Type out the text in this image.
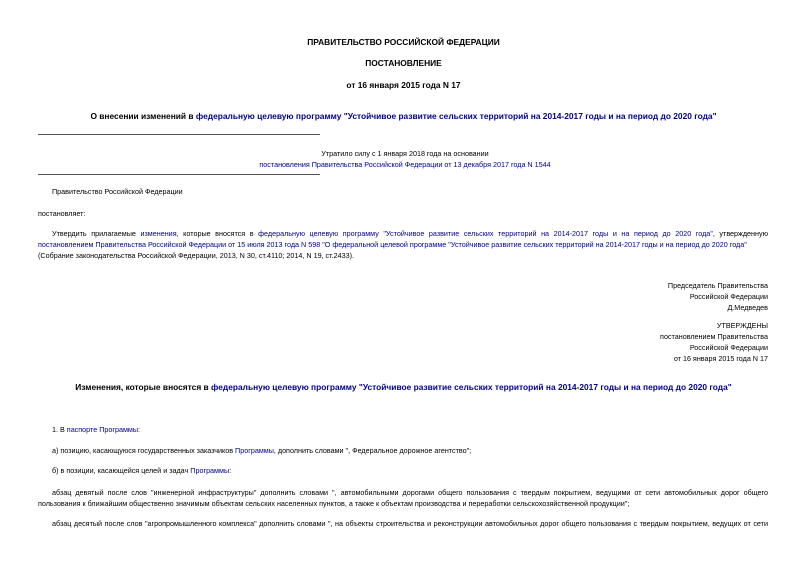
ПРАВИТЕЛЬСТВО РОССИЙСКОЙ ФЕДЕРАЦИИ
ПОСТАНОВЛЕНИЕ
от 16 января 2015 года N 17
О внесении изменений в федеральную целевую программу "Устойчивое развитие сельских территорий на 2014-2017 годы и на период до 2020 года"
Утратило силу с 1 января 2018 года на основании
постановления Правительства Российской Федерации от 13 декабря 2017 года N 1544
Правительство Российской Федерации
постановляет:
Утвердить прилагаемые изменения, которые вносятся в федеральную целевую программу "Устойчивое развитие сельских территорий на 2014-2017 годы и на период до 2020 года", утвержденную
постановлением Правительства Российской Федерации от 15 июля 2013 года N 598 "О федеральной целевой программе "Устойчивое развитие сельских территорий на 2014-2017 годы и на период до 2020 года"
(Собрание законодательства Российской Федерации, 2013, N 30, ст.4110; 2014, N 19, ст.2433).
Председатель Правительства
Российской Федерации
Д.Медведев
УТВЕРЖДЕНЫ
постановлением Правительства
Российской Федерации
от 16 января 2015 года N 17
Изменения, которые вносятся в федеральную целевую программу "Устойчивое развитие сельских территорий на 2014-2017 годы и на период до 2020 года"
1. В паспорте Программы:
а) позицию, касающуюся государственных заказчиков Программы, дополнить словами ", Федеральное дорожное агентство";
б) в позиции, касающейся целей и задач Программы:
абзац девятый после слов "инженерной инфраструктуры" дополнить словами ", автомобильными дорогами общего пользования с твердым покрытием, ведущими от сети автомобильных дорог общего
пользования к ближайшим общественно значимым объектам сельских населенных пунктов, а также к объектам производства и переработки сельскохозяйственной продукции";
абзац десятый после слов "агропромышленного комплекса" дополнить словами ", на объекты строительства и реконструкции автомобильных дорог общего пользования с твердым покрытием, ведущих от сети
